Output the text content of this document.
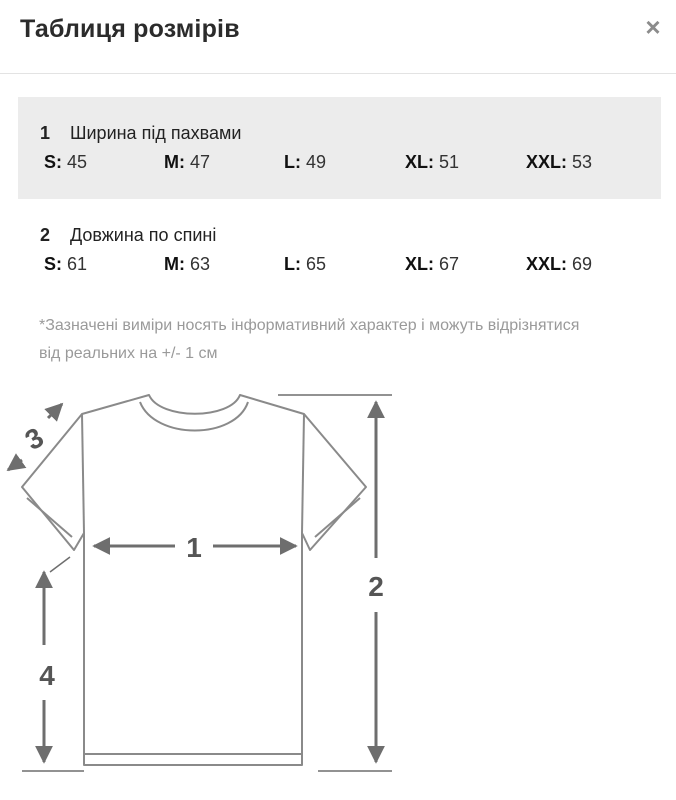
Таблиця розмірів	×
1 Ширина під пахвами
S: 45	M: 47	L: 49	XL: 51	XXL: 53
2 Довжина по спині
S: 61	M: 63	L: 65	XL: 67	XXL: 69
*Зазначені виміри носять інформативний характер і можуть відрізнятися від реальних на +/- 1 см
1
2
3
4
